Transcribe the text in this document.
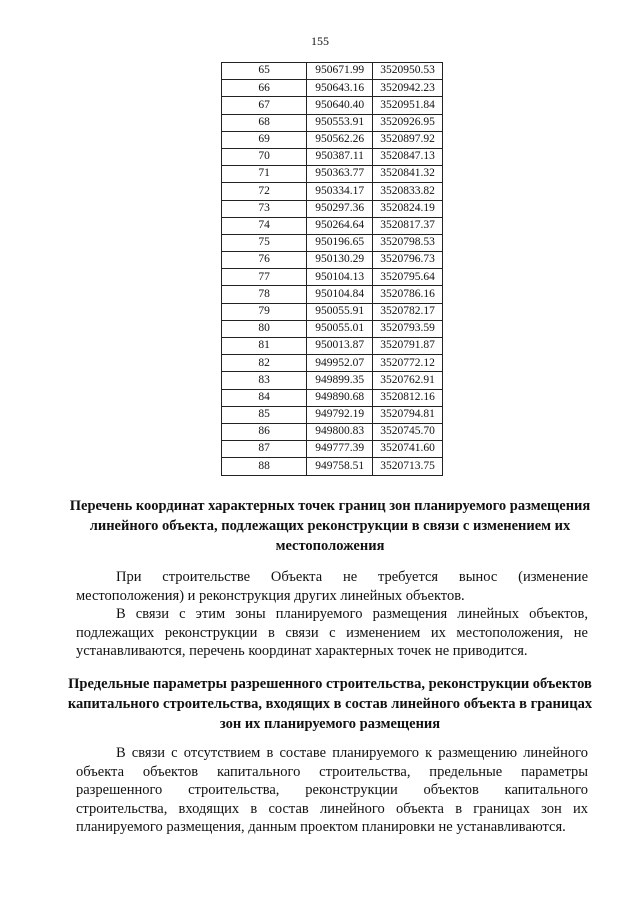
155
65	950671.99	3520950.53
66	950643.16	3520942.23
67	950640.40	3520951.84
68	950553.91	3520926.95
69	950562.26	3520897.92
70	950387.11	3520847.13
71	950363.77	3520841.32
72	950334.17	3520833.82
73	950297.36	3520824.19
74	950264.64	3520817.37
75	950196.65	3520798.53
76	950130.29	3520796.73
77	950104.13	3520795.64
78	950104.84	3520786.16
79	950055.91	3520782.17
80	950055.01	3520793.59
81	950013.87	3520791.87
82	949952.07	3520772.12
83	949899.35	3520762.91
84	949890.68	3520812.16
85	949792.19	3520794.81
86	949800.83	3520745.70
87	949777.39	3520741.60
88	949758.51	3520713.75
Перечень координат характерных точек границ зон планируемого размещения линейного объекта, подлежащих реконструкции в связи с изменением их местоположения
При строительстве Объекта не требуется вынос (изменение местоположения) и реконструкция других линейных объектов.
В связи с этим зоны планируемого размещения линейных объектов, подлежащих реконструкции в связи с изменением их местоположения, не устанавливаются, перечень координат характерных точек не приводится.
Предельные параметры разрешенного строительства, реконструкции объектов капитального строительства, входящих в состав линейного объекта в границах зон их планируемого размещения
В связи с отсутствием в составе планируемого к размещению линейного объекта объектов капитального строительства, предельные параметры разрешенного строительства, реконструкции объектов капитального строительства, входящих в состав линейного объекта в границах зон их планируемого размещения, данным проектом планировки не устанавливаются.
